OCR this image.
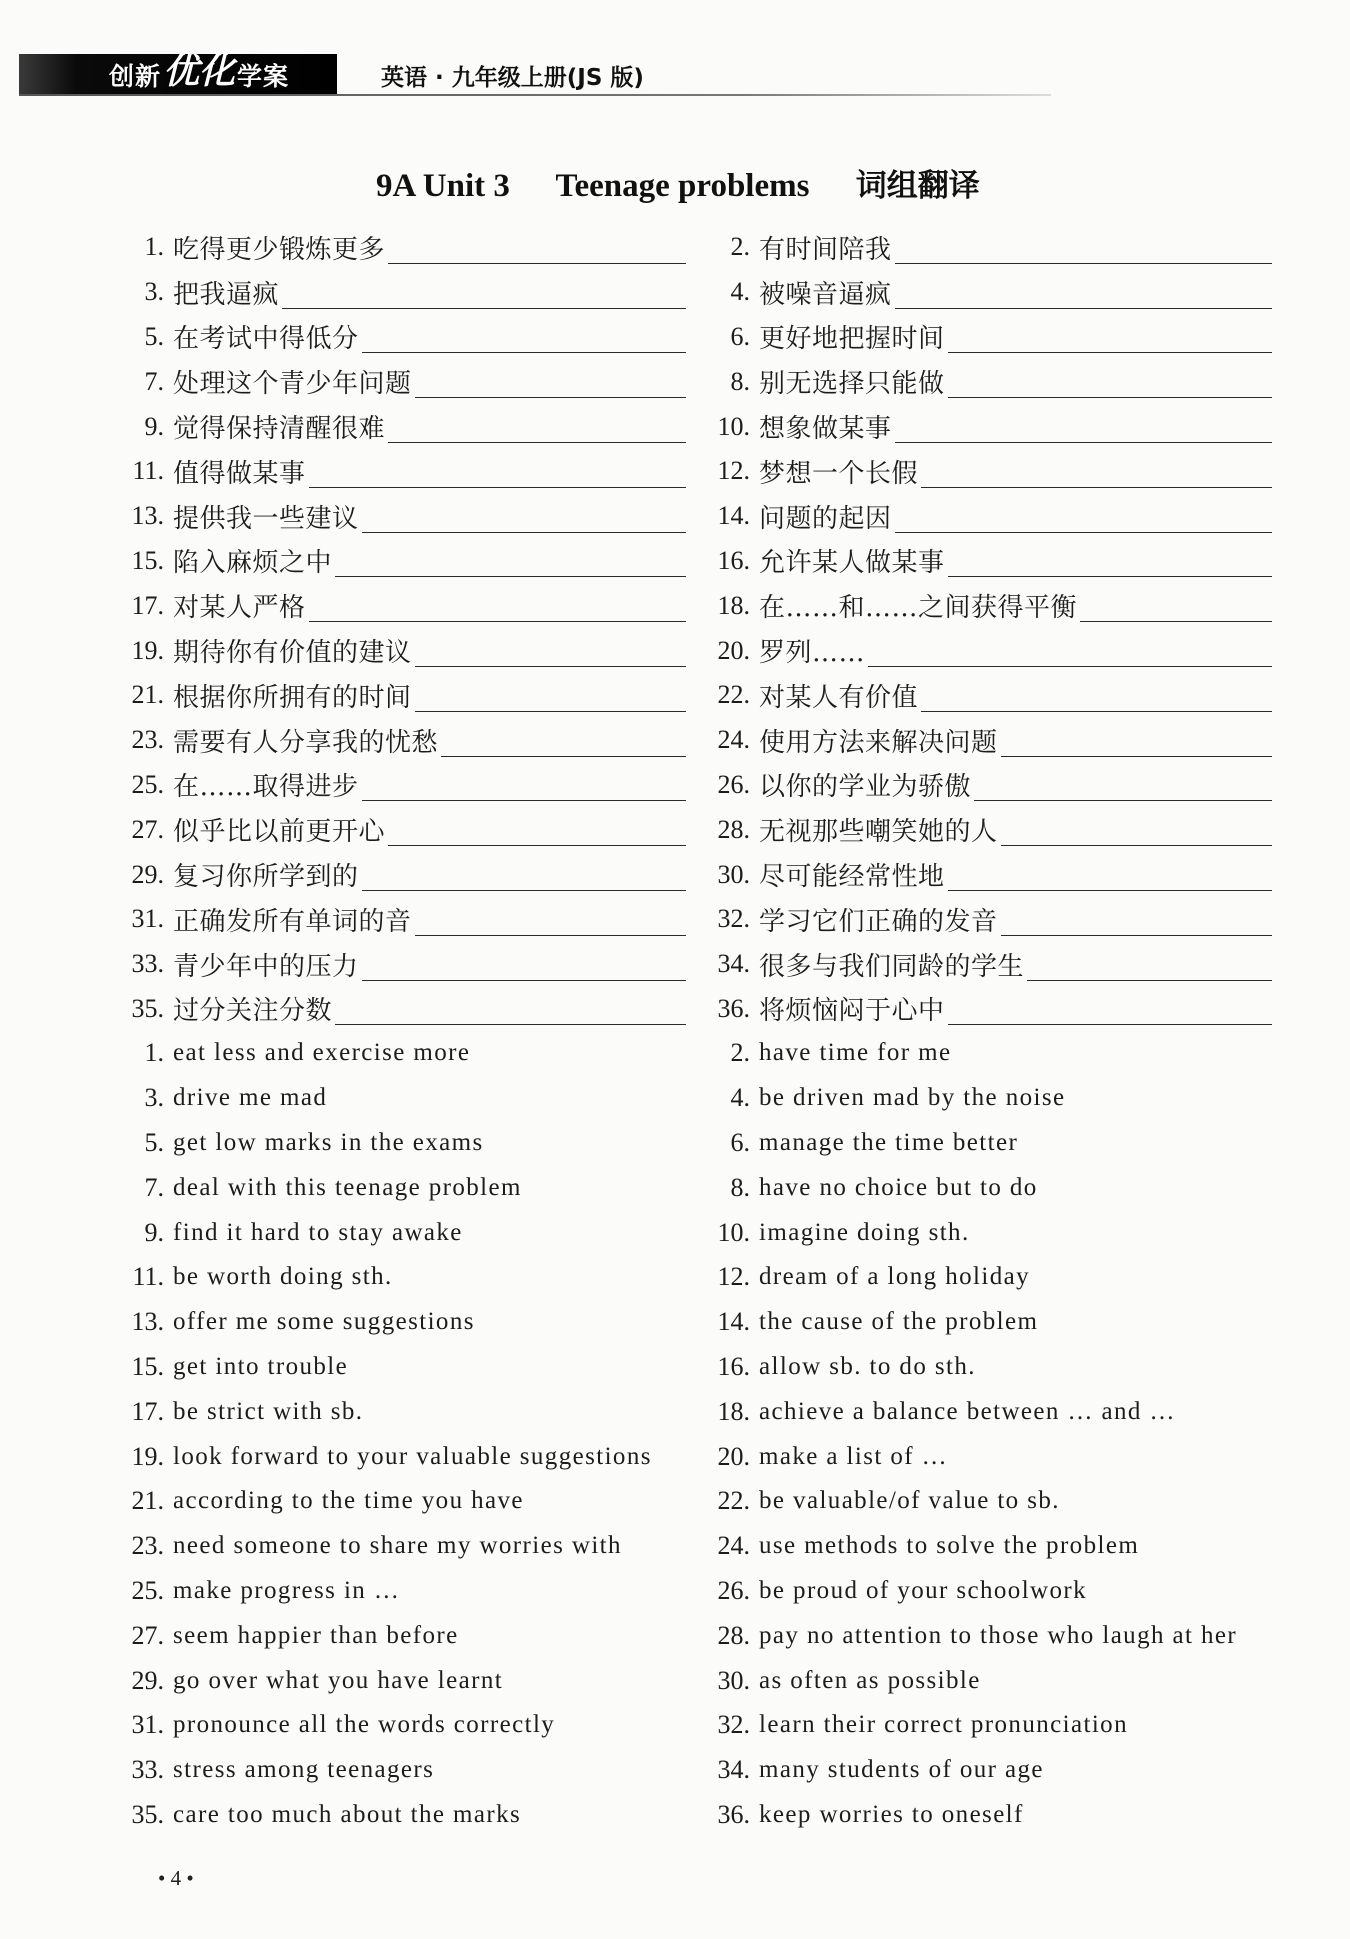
创新 优化 学案	英语 · 九年级上册(JS 版)
9A Unit 3 Teenage problems 词组翻译
1. 吃得更少锻炼更多	2. 有时间陪我
3. 把我逼疯	4. 被噪音逼疯
5. 在考试中得低分	6. 更好地把握时间
7. 处理这个青少年问题	8. 别无选择只能做
9. 觉得保持清醒很难	10. 想象做某事
11. 值得做某事	12. 梦想一个长假
13. 提供我一些建议	14. 问题的起因
15. 陷入麻烦之中	16. 允许某人做某事
17. 对某人严格	18. 在……和……之间获得平衡
19. 期待你有价值的建议	20. 罗列……
21. 根据你所拥有的时间	22. 对某人有价值
23. 需要有人分享我的忧愁	24. 使用方法来解决问题
25. 在……取得进步	26. 以你的学业为骄傲
27. 似乎比以前更开心	28. 无视那些嘲笑她的人
29. 复习你所学到的	30. 尽可能经常性地
31. 正确发所有单词的音	32. 学习它们正确的发音
33. 青少年中的压力	34. 很多与我们同龄的学生
35. 过分关注分数	36. 将烦恼闷于心中
1. eat less and exercise more	2. have time for me
3. drive me mad	4. be driven mad by the noise
5. get low marks in the exams	6. manage the time better
7. deal with this teenage problem	8. have no choice but to do
9. find it hard to stay awake	10. imagine doing sth.
11. be worth doing sth.	12. dream of a long holiday
13. offer me some suggestions	14. the cause of the problem
15. get into trouble	16. allow sb. to do sth.
17. be strict with sb.	18. achieve a balance between … and …
19. look forward to your valuable suggestions	20. make a list of …
21. according to the time you have	22. be valuable/of value to sb.
23. need someone to share my worries with	24. use methods to solve the problem
25. make progress in …	26. be proud of your schoolwork
27. seem happier than before	28. pay no attention to those who laugh at her
29. go over what you have learnt	30. as often as possible
31. pronounce all the words correctly	32. learn their correct pronunciation
33. stress among teenagers	34. many students of our age
35. care too much about the marks	36. keep worries to oneself
• 4 •
